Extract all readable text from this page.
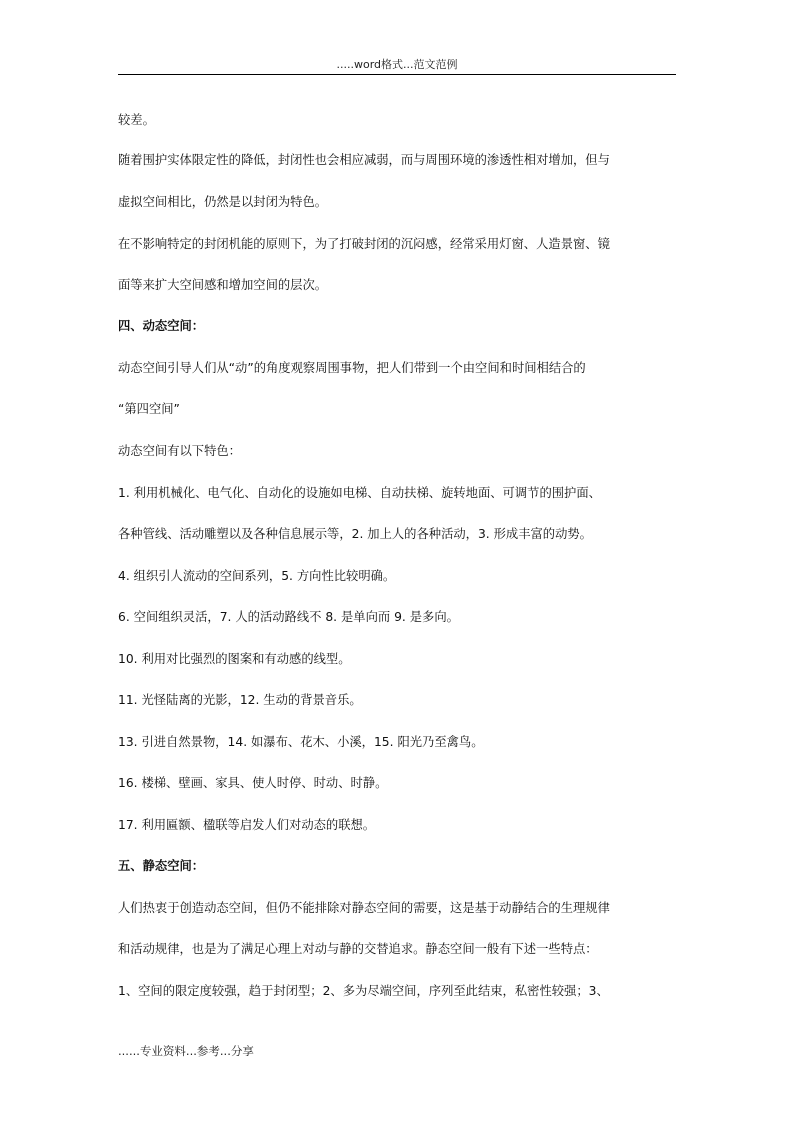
.....word格式...范文范例
较差。
随着围护实体限定性的降低，封闭性也会相应减弱，而与周围环境的渗透性相对增加，但与
虚拟空间相比，仍然是以封闭为特色。
在不影响特定的封闭机能的原则下，为了打破封闭的沉闷感，经常采用灯窗、人造景窗、镜
面等来扩大空间感和增加空间的层次。
四、动态空间：
动态空间引导人们从“动”的角度观察周围事物，把人们带到一个由空间和时间相结合的
“第四空间”
动态空间有以下特色：
1. 利用机械化、电气化、自动化的设施如电梯、自动扶梯、旋转地面、可调节的围护面、
各种管线、活动雕塑以及各种信息展示等，2. 加上人的各种活动，3. 形成丰富的动势。
4. 组织引人流动的空间系列，5. 方向性比较明确。
6. 空间组织灵活，7. 人的活动路线不 8. 是单向而 9. 是多向。
10. 利用对比强烈的图案和有动感的线型。
11. 光怪陆离的光影，12. 生动的背景音乐。
13. 引进自然景物，14. 如瀑布、花木、小溪，15. 阳光乃至禽鸟。
16. 楼梯、壁画、家具、使人时停、时动、时静。
17. 利用匾额、楹联等启发人们对动态的联想。
五、静态空间：
人们热衷于创造动态空间，但仍不能排除对静态空间的需要，这是基于动静结合的生理规律
和活动规律，也是为了满足心理上对动与静的交替追求。静态空间一般有下述一些特点：
1、空间的限定度较强，趋于封闭型；2、多为尽端空间，序列至此结束，私密性较强；3、
......专业资料...参考...分享
